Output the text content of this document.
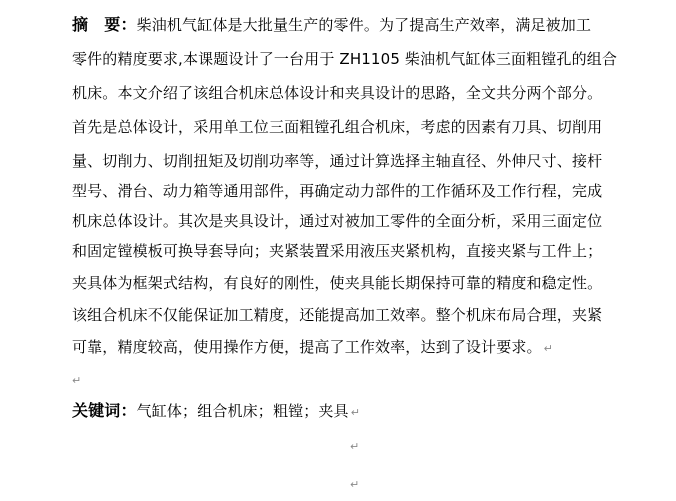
摘　要：柴油机气缸体是大批量生产的零件。为了提高生产效率，满足被加工
零件的精度要求,本课题设计了一台用于 ZH1105 柴油机气缸体三面粗镗孔的组合
机床。本文介绍了该组合机床总体设计和夹具设计的思路，全文共分两个部分。
首先是总体设计，采用单工位三面粗镗孔组合机床，考虑的因素有刀具、切削用
量、切削力、切削扭矩及切削功率等，通过计算选择主轴直径、外伸尺寸、接杆
型号、滑台、动力箱等通用部件，再确定动力部件的工作循环及工作行程，完成
机床总体设计。其次是夹具设计，通过对被加工零件的全面分析，采用三面定位
和固定镗模板可换导套导向；夹紧装置采用液压夹紧机构，直接夹紧与工件上；
夹具体为框架式结构，有良好的刚性，使夹具能长期保持可靠的精度和稳定性。
该组合机床不仅能保证加工精度，还能提高加工效率。整个机床布局合理，夹紧
可靠，精度较高，使用操作方便，提高了工作效率，达到了设计要求。 ↵
↵
关键词：气缸体；组合机床；粗镗；夹具 ↵
↵
↵
